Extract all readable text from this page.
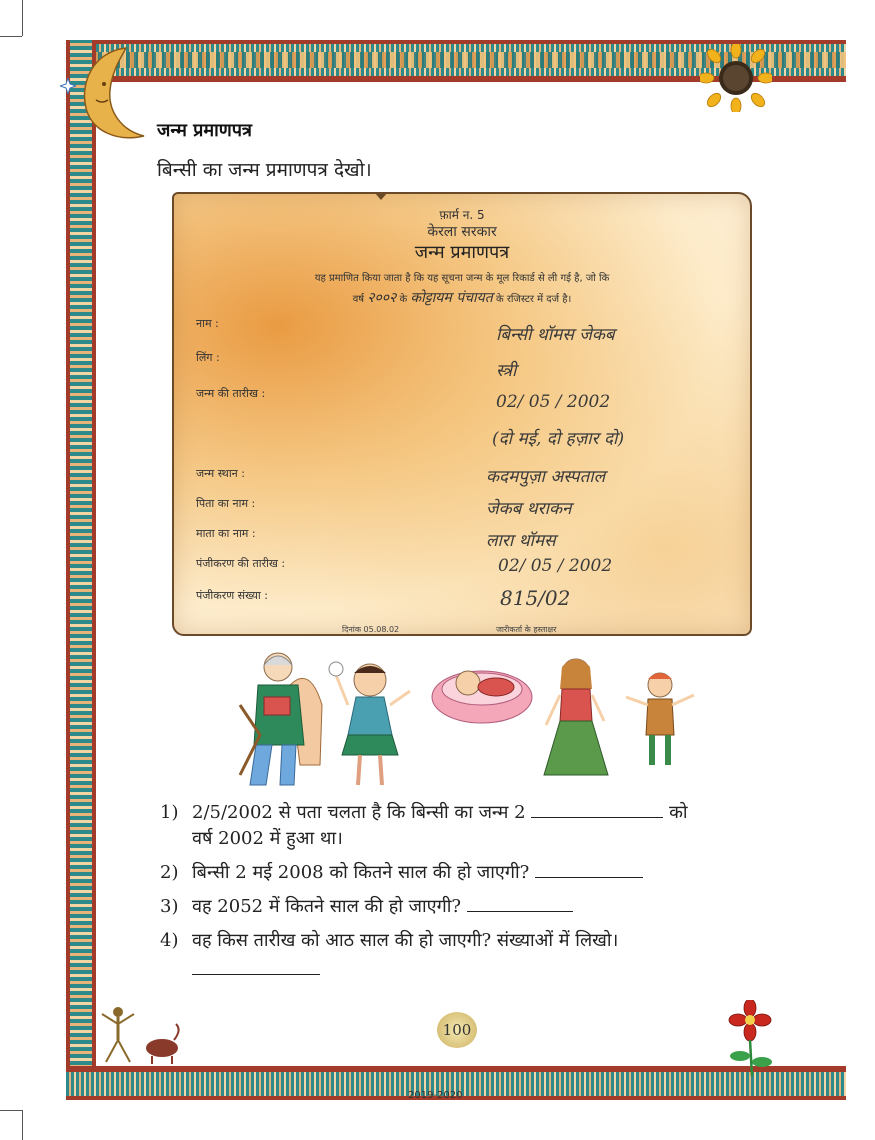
जन्म प्रमाणपत्र
बिन्सी का जन्म प्रमाणपत्र देखो।
फ़ार्म न. 5
केरला सरकार
जन्म प्रमाणपत्र
यह प्रमाणित किया जाता है कि यह सूचना जन्म के मूल रिकार्ड से ली गई है, जो कि
वर्ष २००२ के कोट्टायम पंचायत के रजिस्टर में दर्ज है।
नाम :
बिन्सी थॉमस जेकब
लिंग :
स्त्री
जन्म की तारीख :	02/ 05 / 2002
(दो मई, दो हज़ार दो)
जन्म स्थान :	कदमपुज़ा अस्पताल
पिता का नाम :	जेकब थराकन
माता का नाम :	लारा थॉमस
पंजीकरण की तारीख :	02/ 05 / 2002
पंजीकरण संख्या :	815/02
दिनांक 05.08.02	जारीकर्ता के हस्ताक्षर
1) 2/5/2002 से पता चलता है कि बिन्सी का जन्म 2	को
वर्ष 2002 में हुआ था।
2) बिन्सी 2 मई 2008 को कितने साल की हो जाएगी?
3) वह 2052 में कितने साल की हो जाएगी?
4) वह किस तारीख को आठ साल की हो जाएगी? संख्याओं में लिखो।
100
2019-2020
